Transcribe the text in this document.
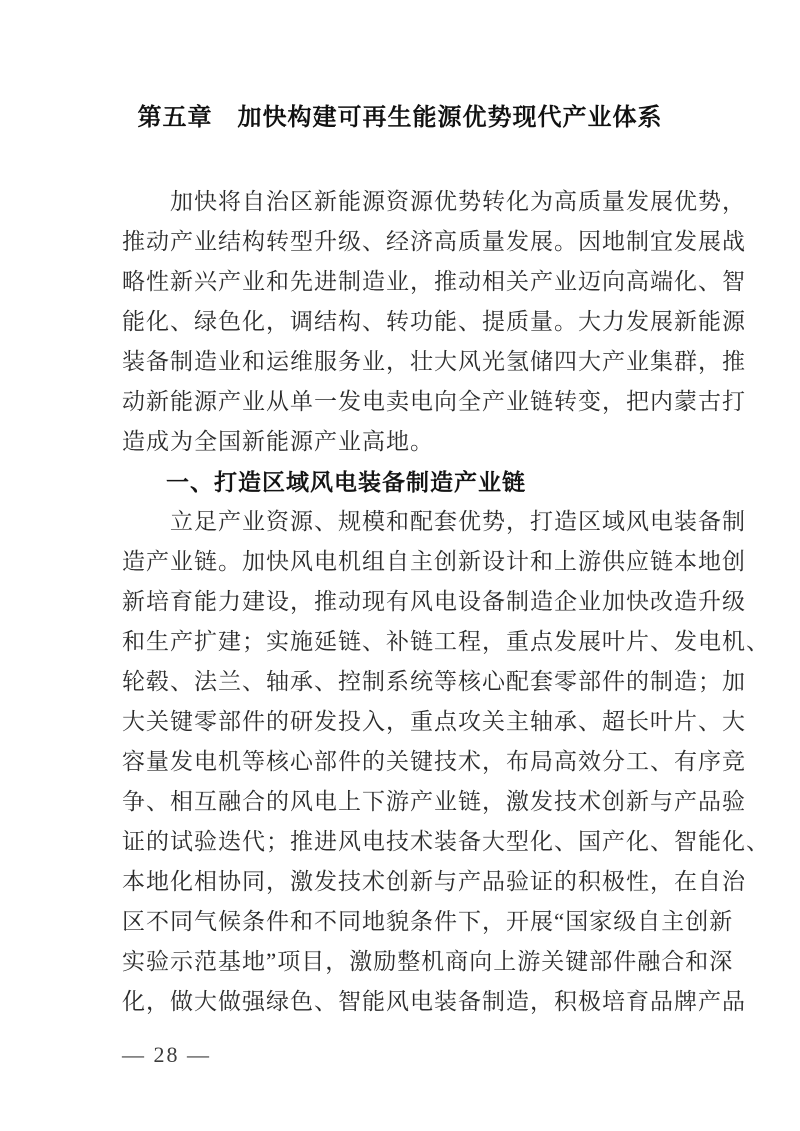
第五章　加快构建可再生能源优势现代产业体系
加快将自治区新能源资源优势转化为高质量发展优势，
推动产业结构转型升级、经济高质量发展。因地制宜发展战
略性新兴产业和先进制造业，推动相关产业迈向高端化、智
能化、绿色化，调结构、转功能、提质量。大力发展新能源
装备制造业和运维服务业，壮大风光氢储四大产业集群，推
动新能源产业从单一发电卖电向全产业链转变，把内蒙古打
造成为全国新能源产业高地。
一、打造区域风电装备制造产业链
立足产业资源、规模和配套优势，打造区域风电装备制
造产业链。加快风电机组自主创新设计和上游供应链本地创
新培育能力建设，推动现有风电设备制造企业加快改造升级
和生产扩建；实施延链、补链工程，重点发展叶片、发电机、
轮毂、法兰、轴承、控制系统等核心配套零部件的制造；加
大关键零部件的研发投入，重点攻关主轴承、超长叶片、大
容量发电机等核心部件的关键技术，布局高效分工、有序竞
争、相互融合的风电上下游产业链，激发技术创新与产品验
证的试验迭代；推进风电技术装备大型化、国产化、智能化、
本地化相协同，激发技术创新与产品验证的积极性，在自治
区不同气候条件和不同地貌条件下，开展“国家级自主创新
实验示范基地”项目，激励整机商向上游关键部件融合和深
化，做大做强绿色、智能风电装备制造，积极培育品牌产品
— 28 —
